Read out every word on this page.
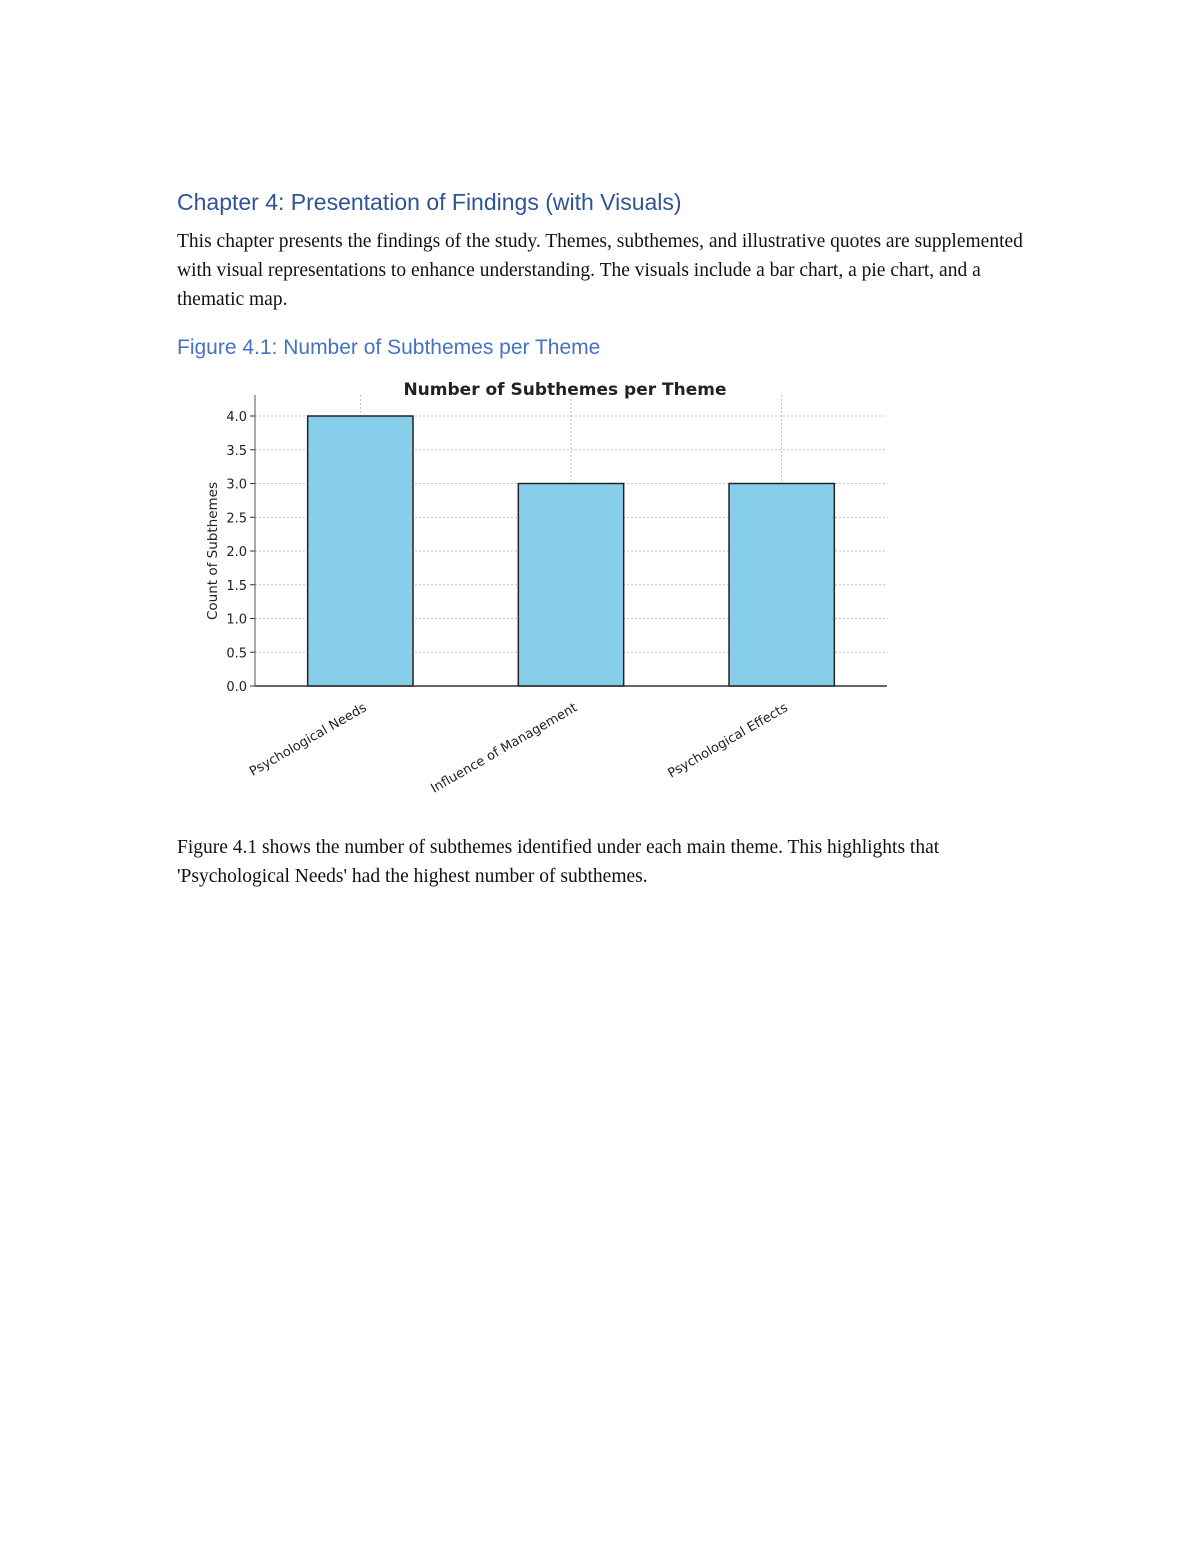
Chapter 4: Presentation of Findings (with Visuals)

This chapter presents the findings of the study. Themes, subthemes, and illustrative quotes are supplemented with visual representations to enhance understanding. The visuals include a bar chart, a pie chart, and a thematic map.

Figure 4.1: Number of Subthemes per Theme
Number of Subthemes per Theme
0.0
0.5
1.0
1.5
2.0
2.5
3.0
3.5
4.0
Psychological Needs	Influence of Management	Psychological Effects
Count of Subthemes

Figure 4.1 shows the number of subthemes identified under each main theme. This highlights that 'Psychological Needs' had the highest number of subthemes.
